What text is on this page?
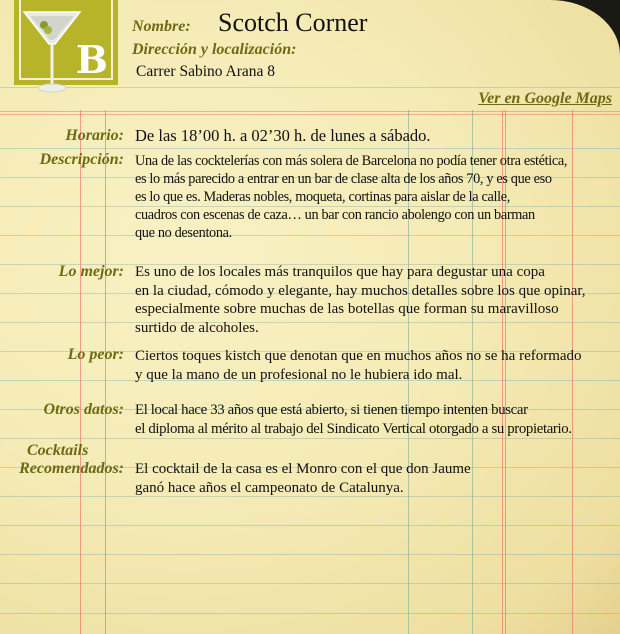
B
Nombre: Scotch Corner
Dirección y localización:
Carrer Sabino Arana 8
Ver en Google Maps
Horario: De las 18’00 h. a 02’30 h. de lunes a sábado.
Descripción: Una de las cocktelerías con más solera de Barcelona no podía tener otra estética,
es lo más parecido a entrar en un bar de clase alta de los años 70, y es que eso
es lo que es. Maderas nobles, moqueta, cortinas para aislar de la calle,
cuadros con escenas de caza… un bar con rancio abolengo con un barman
que no desentona.
Lo mejor: Es uno de los locales más tranquilos que hay para degustar una copa
en la ciudad, cómodo y elegante, hay muchos detalles sobre los que opinar,
especialmente sobre muchas de las botellas que forman su maravilloso
surtido de alcoholes.
Lo peor: Ciertos toques kistch que denotan que en muchos años no se ha reformado
y que la mano de un profesional no le hubiera ido mal.
Otros datos: El local hace 33 años que está abierto, si tienen tiempo intenten buscar
el diploma al mérito al trabajo del Sindicato Vertical otorgado a su propietario.
Cocktails
Recomendados: El cocktail de la casa es el Monro con el que don Jaume
ganó hace años el campeonato de Catalunya.
